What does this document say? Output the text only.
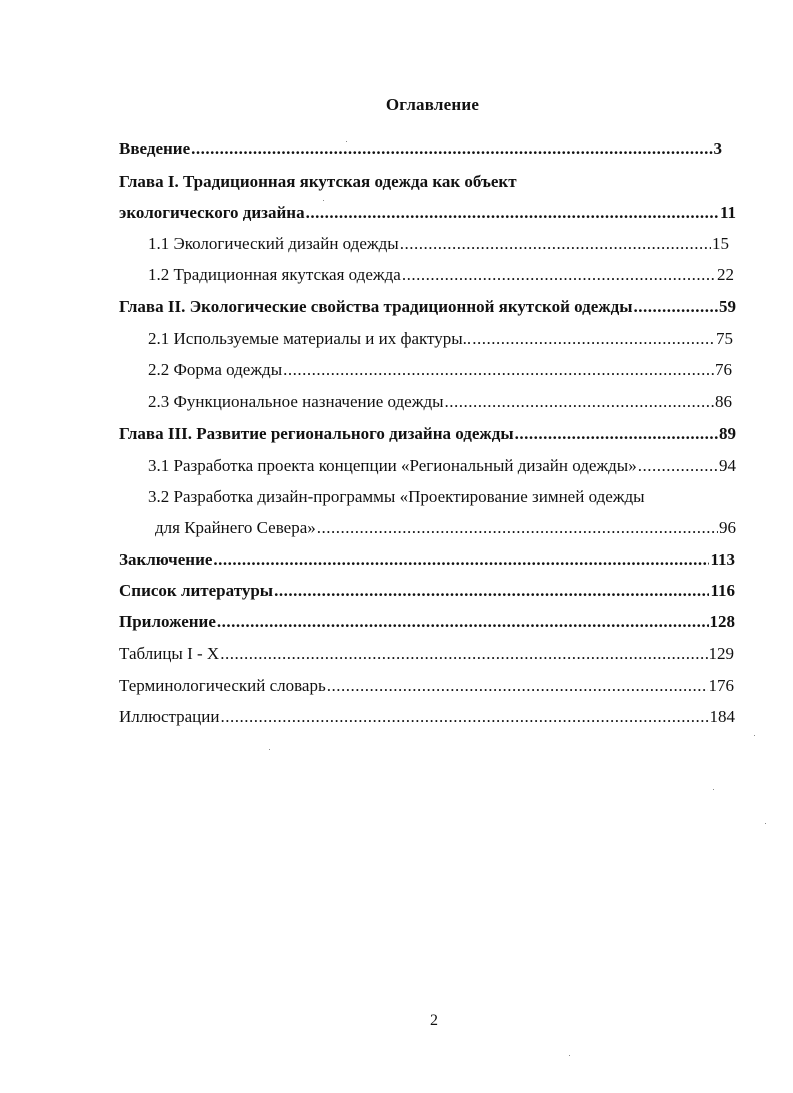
Оглавление
Введение .....	3
Глава I. Традиционная якутская одежда как объект
экологического дизайна .....	11
1.1 Экологический дизайн одежды .....	15
1.2 Традиционная якутская одежда .....	22
Глава II. Экологические свойства традиционной якутской одежды .....	59
2.1 Используемые материалы и их фактуры.. .....	75
2.2 Форма одежды .....	76
2.3 Функциональное назначение одежды .....	86
Глава III. Развитие регионального дизайна одежды .....	89
3.1 Разработка проекта концепции «Региональный дизайн одежды» .....	94
3.2 Разработка дизайн-программы «Проектирование зимней одежды
для Крайнего Севера» .....	96
Заключение .....	113
Список литературы .....	116
Приложение .....	128
Таблицы I - X .....	129
Терминологический словарь .....	176
Иллюстрации .....	184
2
